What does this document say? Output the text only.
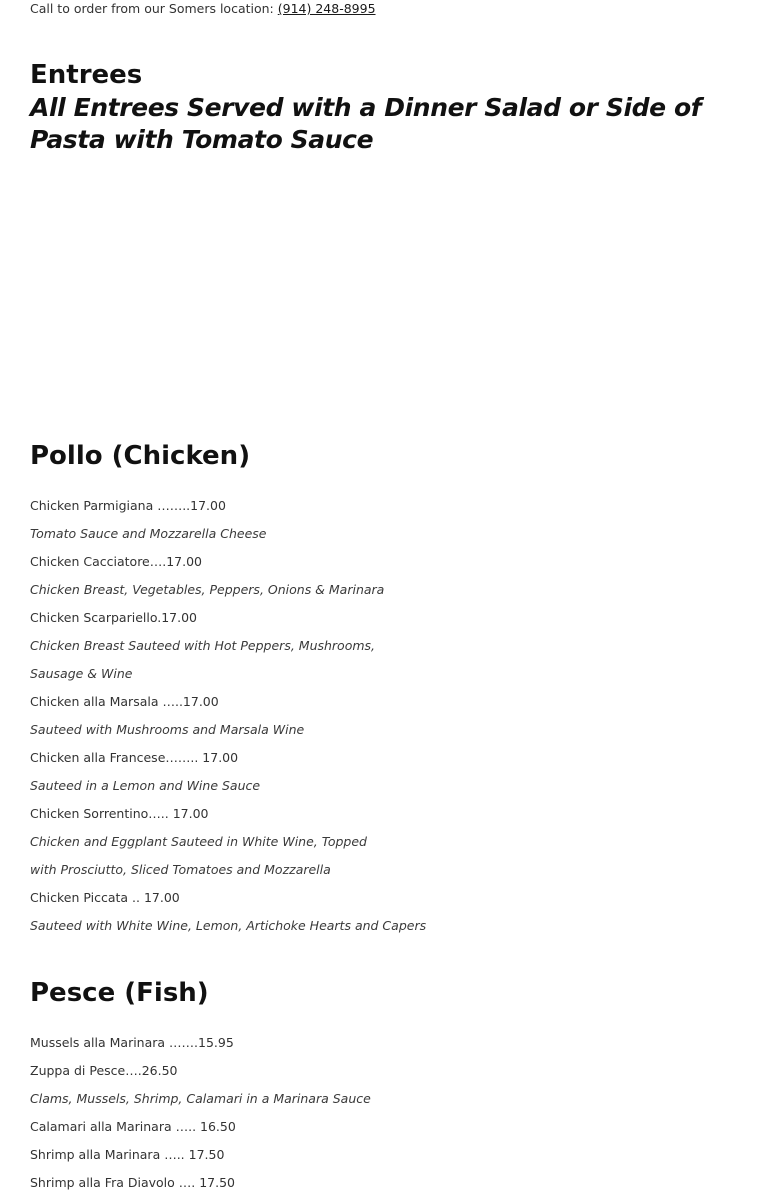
Call to order from our Somers location: (914) 248-8995
Entrees
All Entrees Served with a Dinner Salad or Side of Pasta with Tomato Sauce
Pollo (Chicken)
Chicken Parmigiana ……..17.00
Tomato Sauce and Mozzarella Cheese
Chicken Cacciatore….17.00
Chicken Breast, Vegetables, Peppers, Onions & Marinara
Chicken Scarpariello.17.00
Chicken Breast Sauteed with Hot Peppers, Mushrooms,
Sausage & Wine
Chicken alla Marsala …..17.00
Sauteed with Mushrooms and Marsala Wine
Chicken alla Francese…….. 17.00
Sauteed in a Lemon and Wine Sauce
Chicken Sorrentino….. 17.00
Chicken and Eggplant Sauteed in White Wine, Topped
with Prosciutto, Sliced Tomatoes and Mozzarella
Chicken Piccata .. 17.00
Sauteed with White Wine, Lemon, Artichoke Hearts and Capers
Pesce (Fish)
Mussels alla Marinara …….15.95
Zuppa di Pesce….26.50
Clams, Mussels, Shrimp, Calamari in a Marinara Sauce
Calamari alla Marinara ….. 16.50
Shrimp alla Marinara ….. 17.50
Shrimp alla Fra Diavolo …. 17.50
